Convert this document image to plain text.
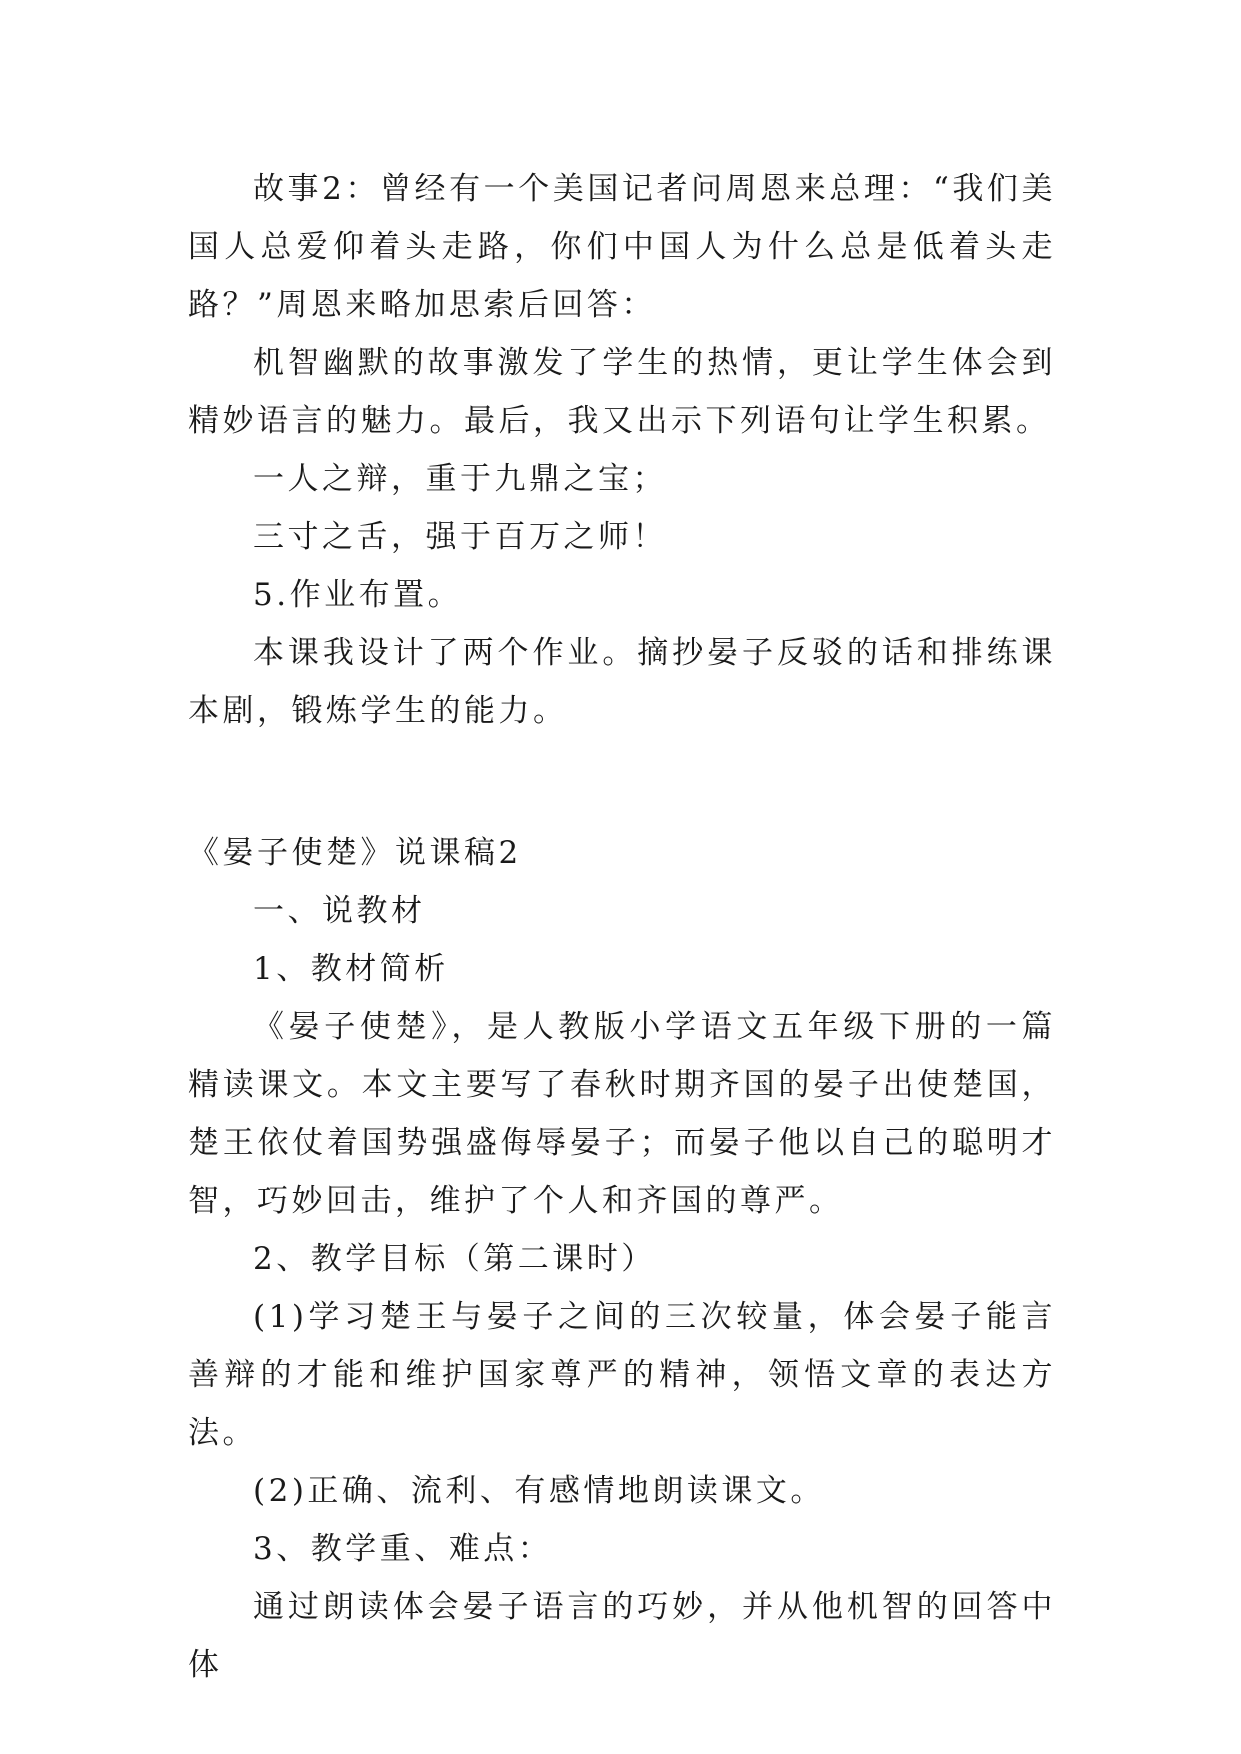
故事2：曾经有一个美国记者问周恩来总理：“我们美国人总爱仰着头走路，你们中国人为什么总是低着头走路？”周恩来略加思索后回答：

机智幽默的故事激发了学生的热情，更让学生体会到精妙语言的魅力。最后，我又出示下列语句让学生积累。

一人之辩，重于九鼎之宝；

三寸之舌，强于百万之师！

5.作业布置。

本课我设计了两个作业。摘抄晏子反驳的话和排练课本剧，锻炼学生的能力。

《晏子使楚》说课稿2

一、说教材

1、教材简析

《晏子使楚》，是人教版小学语文五年级下册的一篇精读课文。本文主要写了春秋时期齐国的晏子出使楚国，楚王依仗着国势强盛侮辱晏子；而晏子他以自己的聪明才智，巧妙回击，维护了个人和齐国的尊严。

2、教学目标（第二课时）

(1)学习楚王与晏子之间的三次较量，体会晏子能言善辩的才能和维护国家尊严的精神，领悟文章的表达方法。

(2)正确、流利、有感情地朗读课文。

3、教学重、难点：

通过朗读体会晏子语言的巧妙，并从他机智的回答中体
